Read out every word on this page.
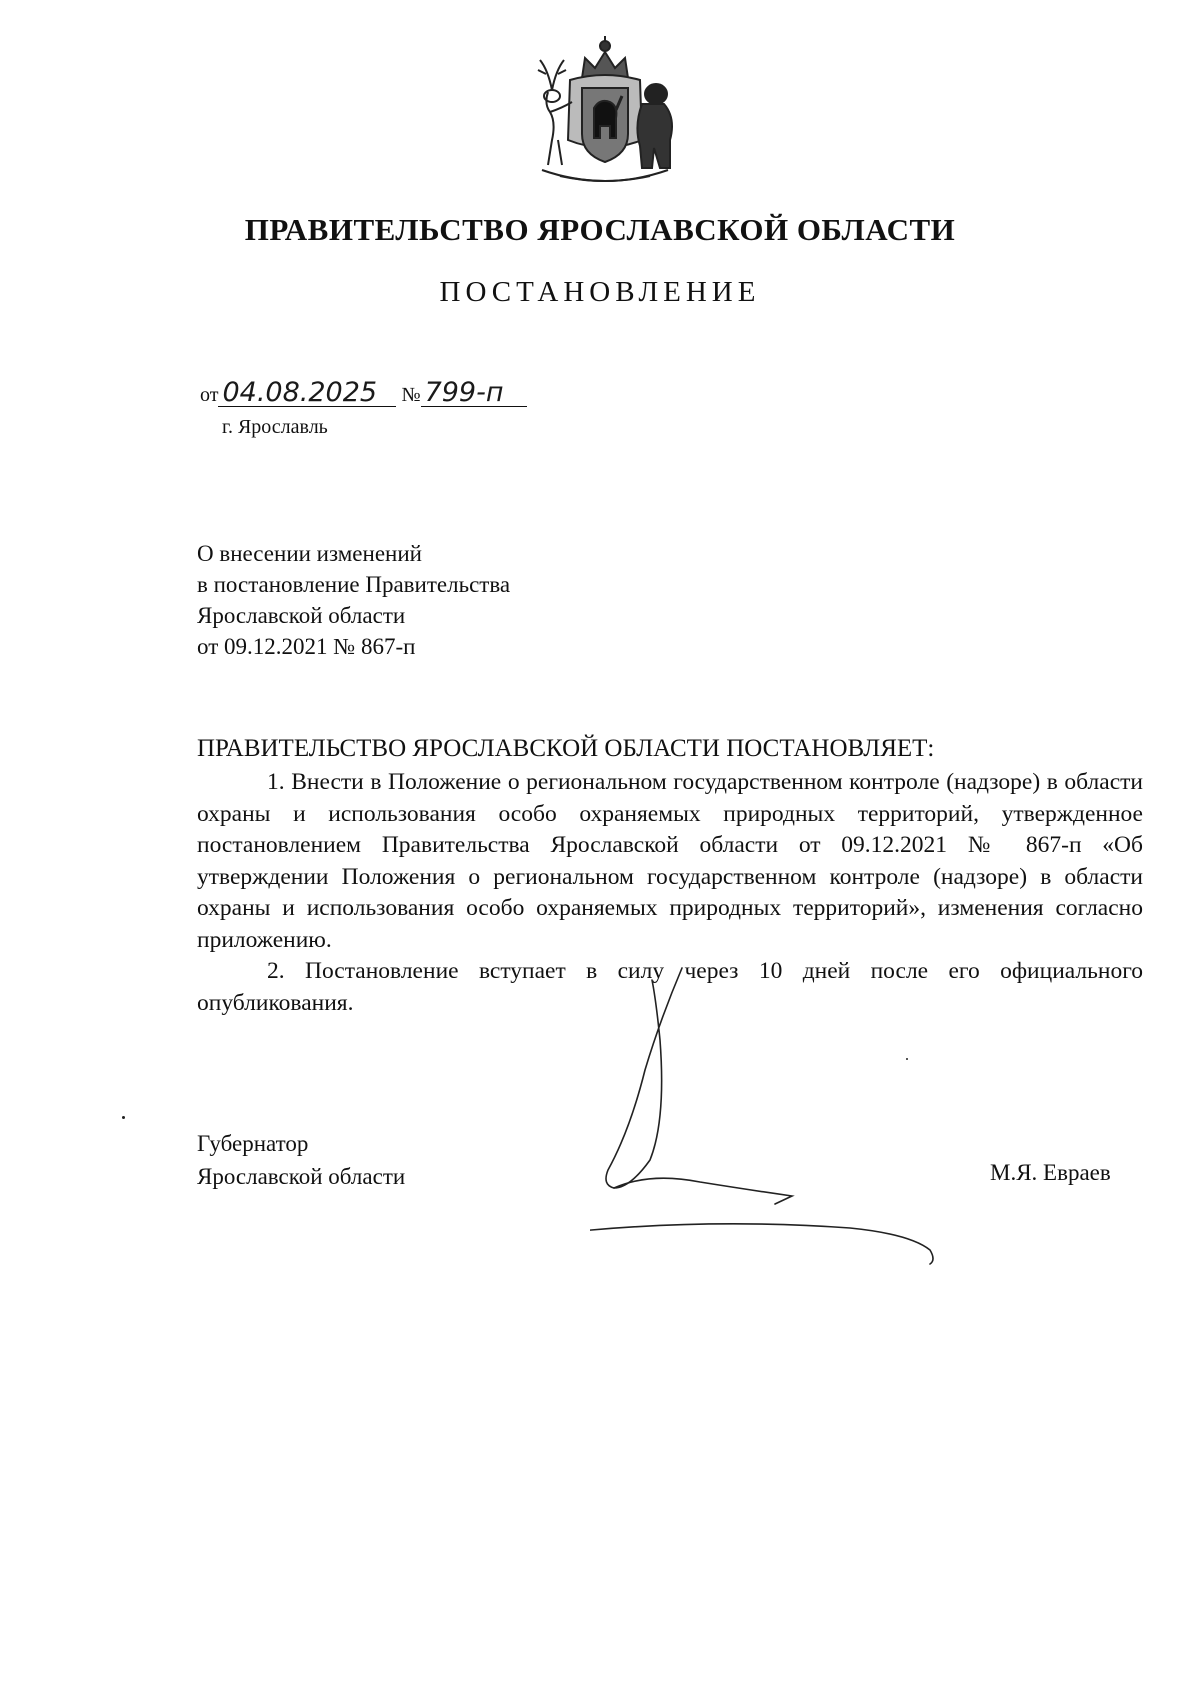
ПРАВИТЕЛЬСТВО ЯРОСЛАВСКОЙ ОБЛАСТИ
ПОСТАНОВЛЕНИЕ
от 04.08.2025 № 799-п
г. Ярославль
О внесении изменений
в постановление Правительства
Ярославской области
от 09.12.2021 № 867-п
ПРАВИТЕЛЬСТВО ЯРОСЛАВСКОЙ ОБЛАСТИ ПОСТАНОВЛЯЕТ:

1. Внести в Положение о региональном государственном контроле (надзоре) в области охраны и использования особо охраняемых природных территорий, утвержденное постановлением Правительства Ярославской области от 09.12.2021 № 867-п «Об утверждении Положения о региональном государственном контроле (надзоре) в области охраны и использования особо охраняемых природных территорий», изменения согласно приложению.

2. Постановление вступает в силу через 10 дней после его официального опубликования.

Губернатор
Ярославской области	М.Я. Евраев
